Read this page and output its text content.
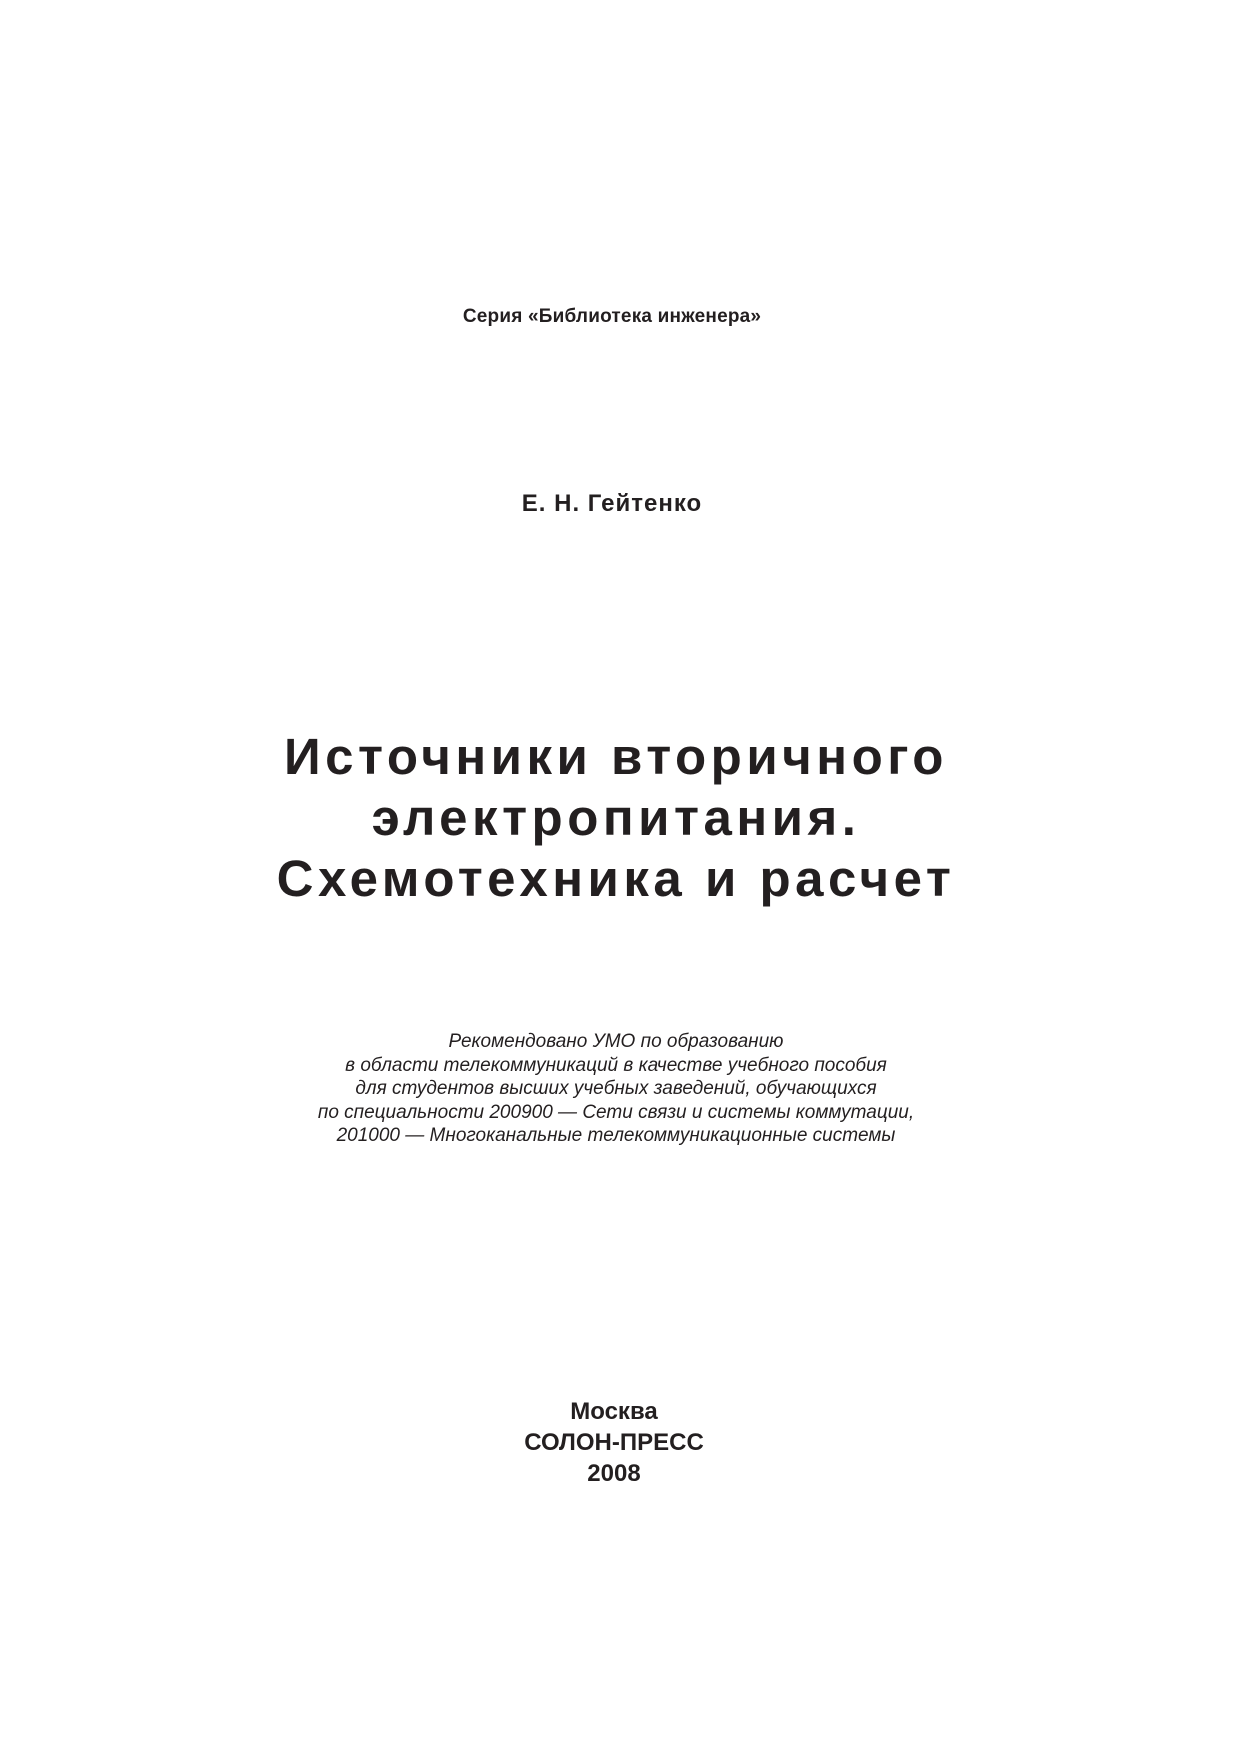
Серия «Библиотека инженера»
Е. Н. Гейтенко
Источники вторичного
электропитания.
Схемотехника и расчет
Рекомендовано УМО по образованию
в области телекоммуникаций в качестве учебного пособия
для студентов высших учебных заведений, обучающихся
по специальности 200900 — Сети связи и системы коммутации,
201000 — Многоканальные телекоммуникационные системы
Москва
СОЛОН-ПРЕСС
2008
